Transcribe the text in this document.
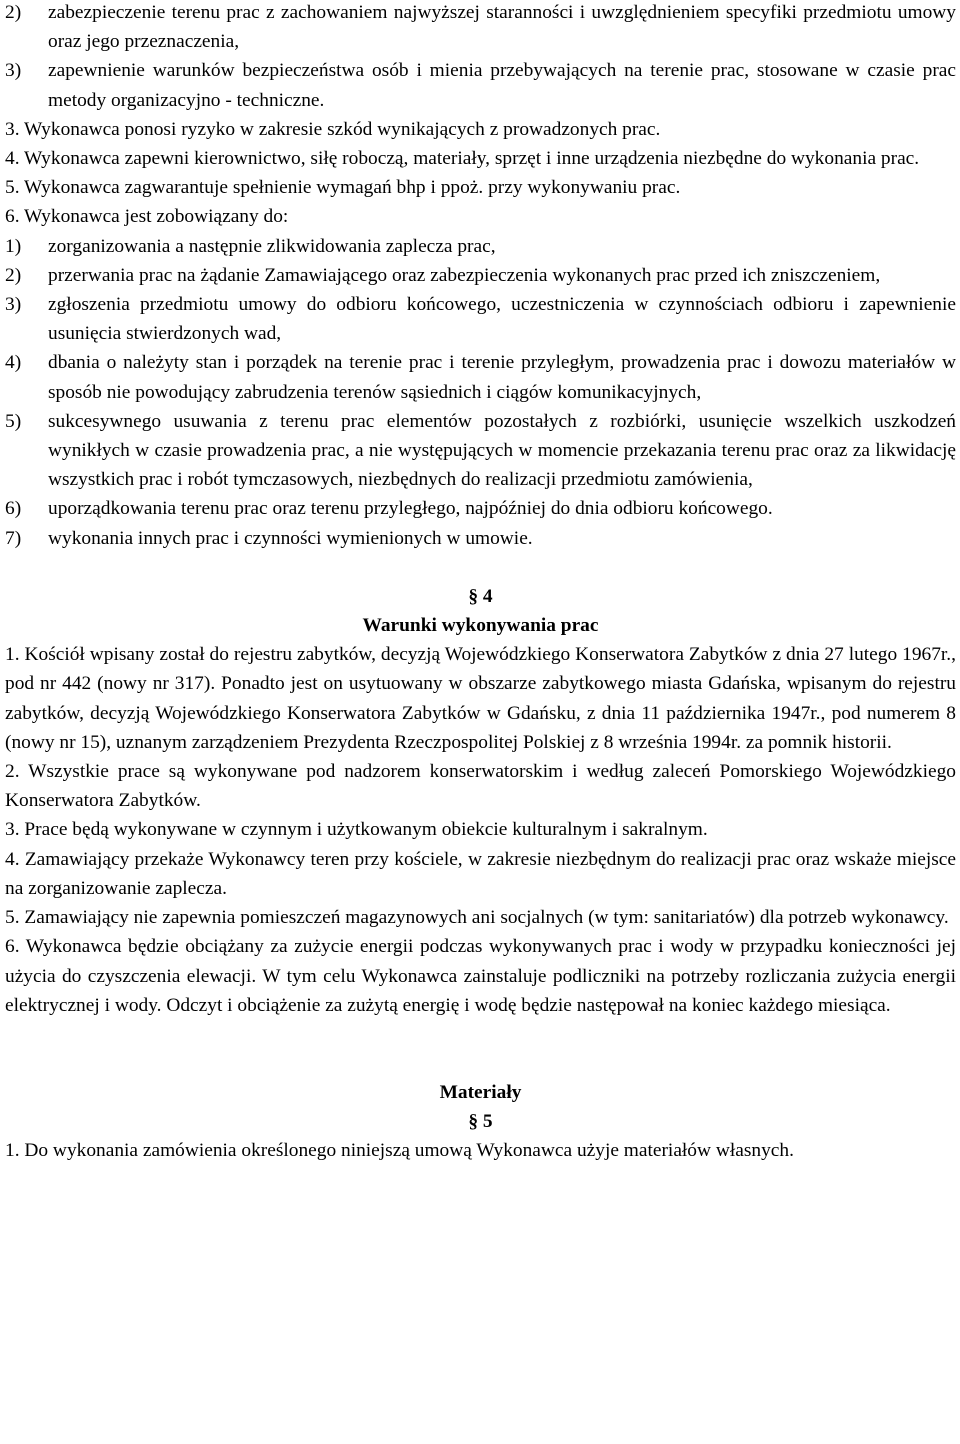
2)	zabezpieczenie terenu prac z zachowaniem najwyższej staranności i uwzględnieniem specyfiki przedmiotu umowy oraz jego przeznaczenia,
3)	zapewnienie warunków bezpieczeństwa osób i mienia przebywających na terenie prac, stosowane w czasie prac metody organizacyjno - techniczne.

3. Wykonawca ponosi ryzyko w zakresie szkód wynikających z prowadzonych prac.

4. Wykonawca zapewni kierownictwo, siłę roboczą, materiały, sprzęt i inne urządzenia niezbędne do wykonania prac.

5. Wykonawca zagwarantuje spełnienie wymagań bhp i ppoż. przy wykonywaniu prac.

6. Wykonawca jest zobowiązany do:

1)	zorganizowania a następnie zlikwidowania zaplecza prac,
2)	przerwania prac na żądanie Zamawiającego oraz zabezpieczenia wykonanych prac przed ich zniszczeniem,
3)	zgłoszenia przedmiotu umowy do odbioru końcowego, uczestniczenia w czynnościach odbioru i zapewnienie usunięcia stwierdzonych wad,
4)	dbania o należyty stan i porządek na terenie prac i terenie przyległym, prowadzenia prac i dowozu materiałów w sposób nie powodujący zabrudzenia terenów sąsiednich i ciągów komunikacyjnych,
5)	sukcesywnego usuwania z terenu prac elementów pozostałych z rozbiórki, usunięcie wszelkich uszkodzeń wynikłych w czasie prowadzenia prac, a nie występujących w momencie przekazania terenu prac oraz za likwidację wszystkich prac i robót tymczasowych, niezbędnych do realizacji przedmiotu zamówienia,
6)	uporządkowania terenu prac oraz terenu przyległego, najpóźniej do dnia odbioru końcowego.
7)	wykonania innych prac i czynności wymienionych w umowie.

§ 4

Warunki wykonywania prac

1. Kościół wpisany został do rejestru zabytków, decyzją Wojewódzkiego Konserwatora Zabytków z dnia 27 lutego 1967r., pod nr 442 (nowy nr 317). Ponadto jest on usytuowany w obszarze zabytkowego miasta Gdańska, wpisanym do rejestru zabytków, decyzją Wojewódzkiego Konserwatora Zabytków w Gdańsku, z dnia 11 października 1947r., pod numerem 8 (nowy nr 15), uznanym zarządzeniem Prezydenta Rzeczpospolitej Polskiej z 8 września 1994r. za pomnik historii.

2. Wszystkie prace są wykonywane pod nadzorem konserwatorskim i według zaleceń Pomorskiego Wojewódzkiego Konserwatora Zabytków.

3. Prace będą wykonywane w czynnym i użytkowanym obiekcie kulturalnym i sakralnym.

4. Zamawiający przekaże Wykonawcy teren przy kościele, w zakresie niezbędnym do realizacji prac oraz wskaże miejsce na zorganizowanie zaplecza.

5. Zamawiający nie zapewnia pomieszczeń magazynowych ani socjalnych (w tym: sanitariatów) dla potrzeb wykonawcy.

6. Wykonawca będzie obciążany za zużycie energii podczas wykonywanych prac i wody w przypadku konieczności jej użycia do czyszczenia elewacji. W tym celu Wykonawca zainstaluje podliczniki na potrzeby rozliczania zużycia energii elektrycznej i wody. Odczyt i obciążenie za zużytą energię i wodę będzie następował na koniec każdego miesiąca.

Materiały

§ 5

1. Do wykonania zamówienia określonego niniejszą umową Wykonawca użyje materiałów własnych.
